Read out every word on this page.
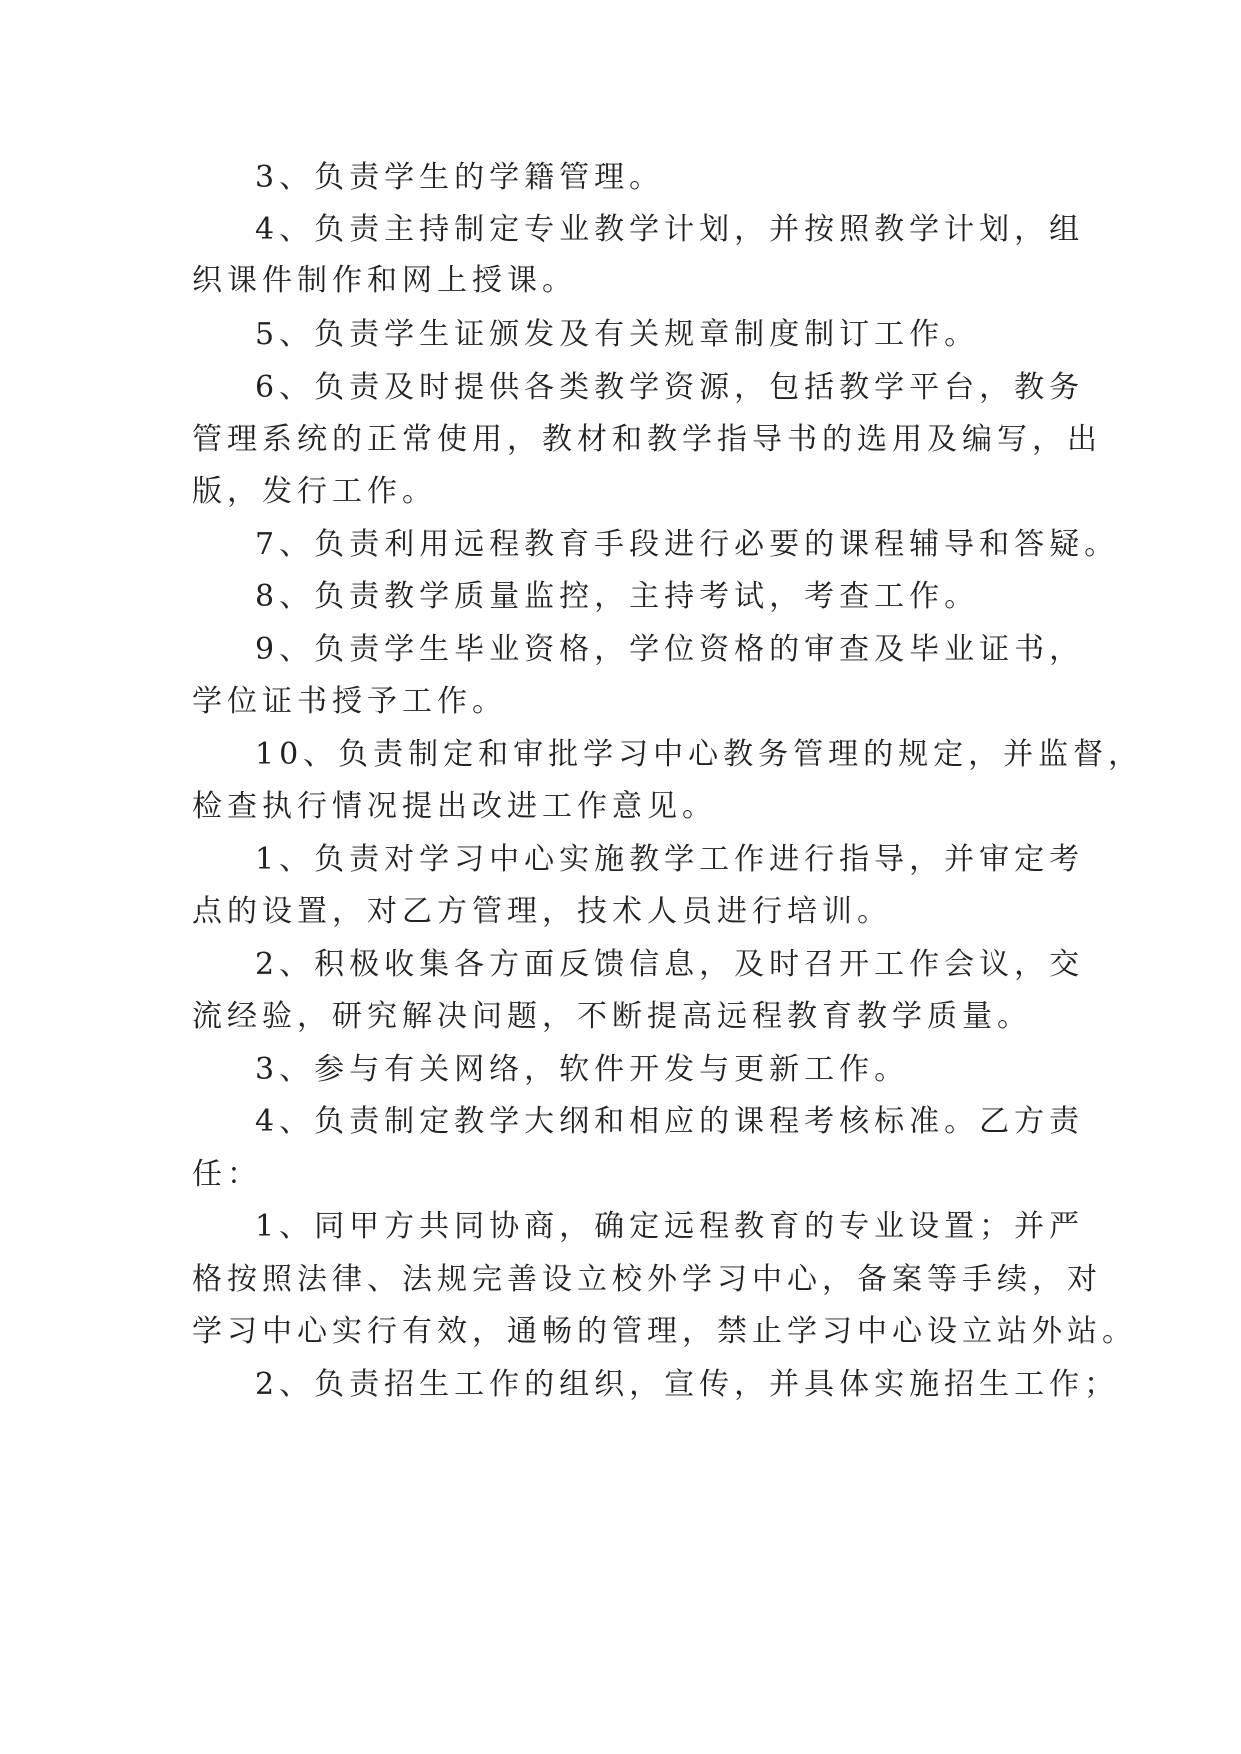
3、负责学生的学籍管理。
4、负责主持制定专业教学计划，并按照教学计划，组
织课件制作和网上授课。
5、负责学生证颁发及有关规章制度制订工作。
6、负责及时提供各类教学资源，包括教学平台，教务
管理系统的正常使用，教材和教学指导书的选用及编写，出
版，发行工作。
7、负责利用远程教育手段进行必要的课程辅导和答疑。
8、负责教学质量监控，主持考试，考查工作。
9、负责学生毕业资格，学位资格的审查及毕业证书，
学位证书授予工作。
10、负责制定和审批学习中心教务管理的规定，并监督，
检查执行情况提出改进工作意见。
1、负责对学习中心实施教学工作进行指导，并审定考
点的设置，对乙方管理，技术人员进行培训。
2、积极收集各方面反馈信息，及时召开工作会议，交
流经验，研究解决问题，不断提高远程教育教学质量。
3、参与有关网络，软件开发与更新工作。
4、负责制定教学大纲和相应的课程考核标准。乙方责
任：
1、同甲方共同协商，确定远程教育的专业设置；并严
格按照法律、法规完善设立校外学习中心，备案等手续，对
学习中心实行有效，通畅的管理，禁止学习中心设立站外站。
2、负责招生工作的组织，宣传，并具体实施招生工作；
